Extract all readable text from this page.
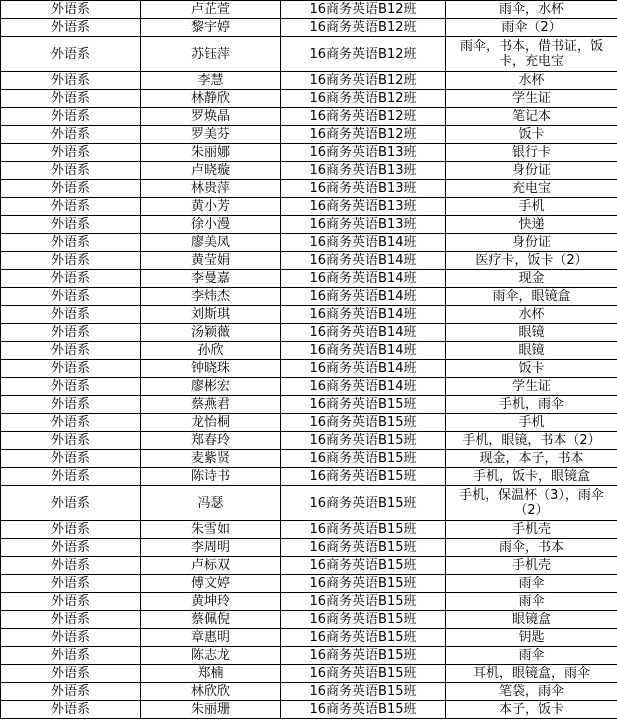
外语系	卢芷萱	16商务英语B12班	雨伞，水杯
外语系	黎宇婷	16商务英语B12班	雨伞（2）
外语系	苏钰萍	16商务英语B12班	雨伞，书本，借书证，饭卡，充电宝
外语系	李慧	16商务英语B12班	水杯
外语系	林静欣	16商务英语B12班	学生证
外语系	罗焕晶	16商务英语B12班	笔记本
外语系	罗美芬	16商务英语B12班	饭卡
外语系	朱丽娜	16商务英语B13班	银行卡
外语系	卢晓璇	16商务英语B13班	身份证
外语系	林贵萍	16商务英语B13班	充电宝
外语系	黄小芳	16商务英语B13班	手机
外语系	徐小漫	16商务英语B13班	快递
外语系	廖美凤	16商务英语B14班	身份证
外语系	黄莹娟	16商务英语B14班	医疗卡，饭卡（2）
外语系	李曼嘉	16商务英语B14班	现金
外语系	李炜杰	16商务英语B14班	雨伞，眼镜盒
外语系	刘斯琪	16商务英语B14班	水杯
外语系	汤颖薇	16商务英语B14班	眼镜
外语系	孙欣	16商务英语B14班	眼镜
外语系	钟晓珠	16商务英语B14班	饭卡
外语系	廖彬宏	16商务英语B14班	学生证
外语系	蔡燕君	16商务英语B15班	手机，雨伞
外语系	龙怡桐	16商务英语B15班	手机
外语系	郑春玲	16商务英语B15班	手机，眼镜，书本（2）
外语系	麦紫贤	16商务英语B15班	现金，本子，书本
外语系	陈诗书	16商务英语B15班	手机，饭卡，眼镜盒
外语系	冯瑟	16商务英语B15班	手机，保温杯（3），雨伞（2）
外语系	朱雪如	16商务英语B15班	手机壳
外语系	李周明	16商务英语B15班	雨伞，书本
外语系	卢标双	16商务英语B15班	手机壳
外语系	傅文婷	16商务英语B15班	雨伞
外语系	黄坤玲	16商务英语B15班	雨伞
外语系	蔡佩倪	16商务英语B15班	眼镜盒
外语系	章惠明	16商务英语B15班	钥匙
外语系	陈志龙	16商务英语B15班	雨伞
外语系	郑楠	16商务英语B15班	耳机，眼镜盒，雨伞
外语系	林欣欣	16商务英语B15班	笔袋，雨伞
外语系	朱丽珊	16商务英语B15班	本子，饭卡
